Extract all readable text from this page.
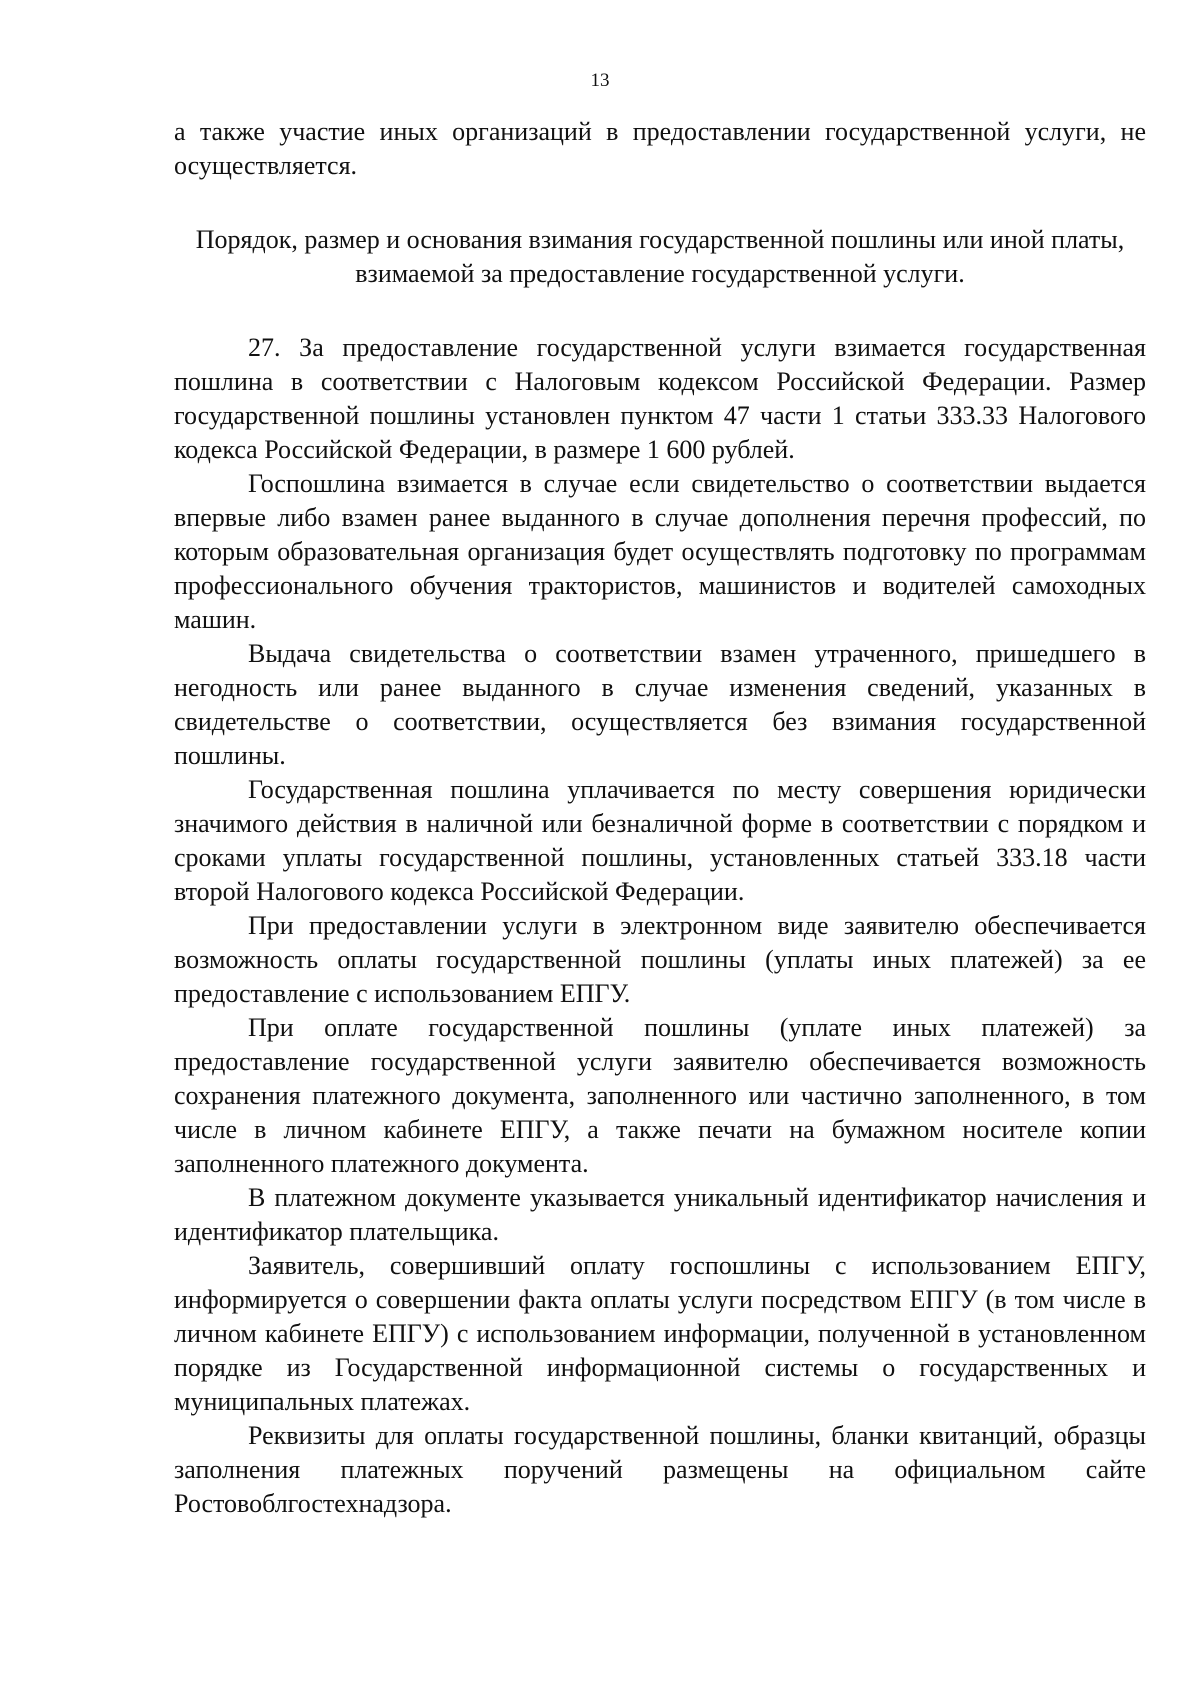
13

а также участие иных организаций в предоставлении государственной услуги, не осуществляется.

Порядок, размер и основания взимания государственной пошлины или иной платы, взимаемой за предоставление государственной услуги.

27. За предоставление государственной услуги взимается государственная пошлина в соответствии с Налоговым кодексом Российской Федерации. Размер государственной пошлины установлен пунктом 47 части 1 статьи 333.33 Налогового кодекса Российской Федерации, в размере 1 600 рублей.

Госпошлина взимается в случае если свидетельство о соответствии выдается впервые либо взамен ранее выданного в случае дополнения перечня профессий, по которым образовательная организация будет осуществлять подготовку по программам профессионального обучения трактористов, машинистов и водителей самоходных машин.

Выдача свидетельства о соответствии взамен утраченного, пришедшего в негодность или ранее выданного в случае изменения сведений, указанных в свидетельстве о соответствии, осуществляется без взимания государственной пошлины.

Государственная пошлина уплачивается по месту совершения юридически значимого действия в наличной или безналичной форме в соответствии с порядком и сроками уплаты государственной пошлины, установленных статьей 333.18 части второй Налогового кодекса Российской Федерации.

При предоставлении услуги в электронном виде заявителю обеспечивается возможность оплаты государственной пошлины (уплаты иных платежей) за ее предоставление с использованием ЕПГУ.

При оплате государственной пошлины (уплате иных платежей) за предоставление государственной услуги заявителю обеспечивается возможность сохранения платежного документа, заполненного или частично заполненного, в том числе в личном кабинете ЕПГУ, а также печати на бумажном носителе копии заполненного платежного документа.

В платежном документе указывается уникальный идентификатор начисления и идентификатор плательщика.

Заявитель, совершивший оплату госпошлины с использованием ЕПГУ, информируется о совершении факта оплаты услуги посредством ЕПГУ (в том числе в личном кабинете ЕПГУ) с использованием информации, полученной в установленном порядке из Государственной информационной системы о государственных и муниципальных платежах.

Реквизиты для оплаты государственной пошлины, бланки квитанций, образцы заполнения платежных поручений размещены на официальном сайте Ростовоблгостехнадзора.
